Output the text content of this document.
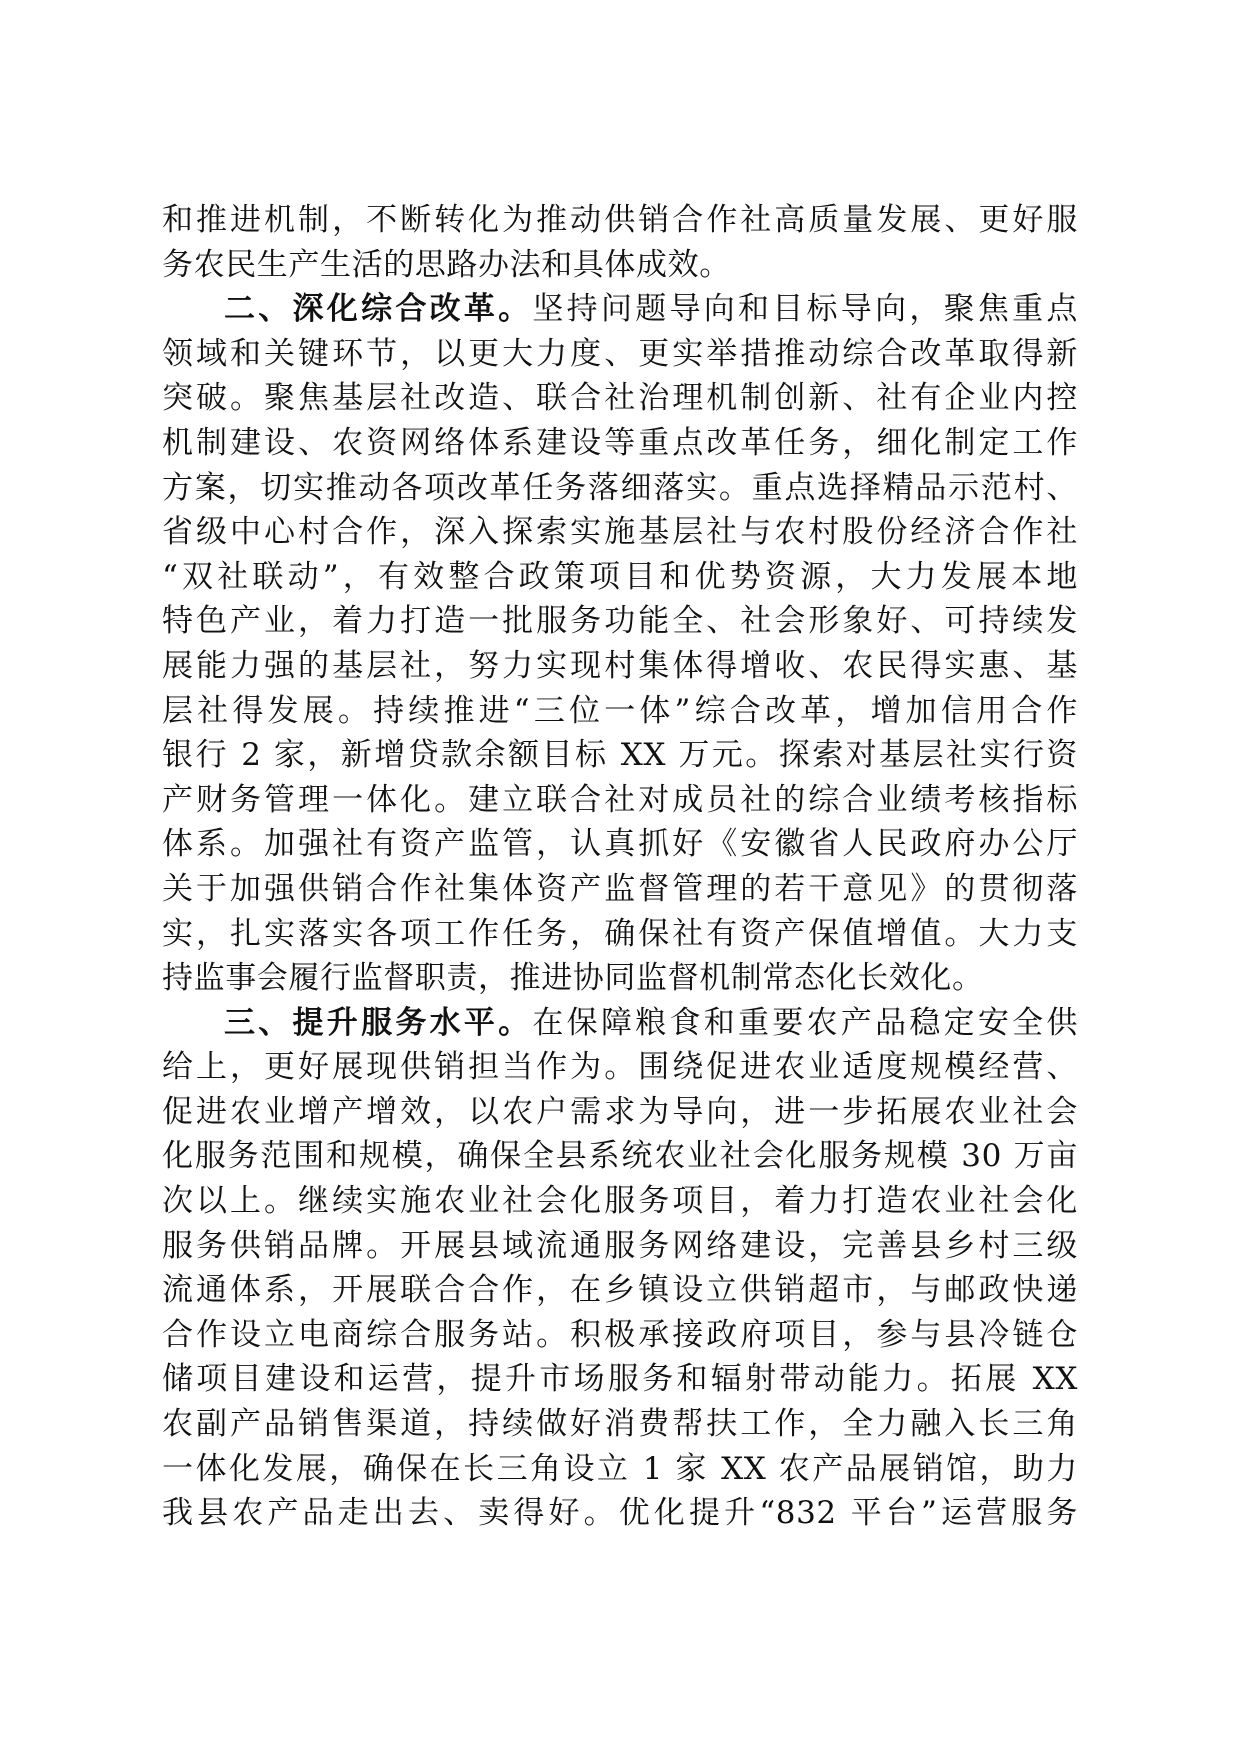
和推进机制，不断转化为推动供销合作社高质量发展、更好服
务农民生产生活的思路办法和具体成效。
二、深化综合改革。坚持问题导向和目标导向，聚焦重点
领域和关键环节，以更大力度、更实举措推动综合改革取得新
突破。聚焦基层社改造、联合社治理机制创新、社有企业内控
机制建设、农资网络体系建设等重点改革任务，细化制定工作
方案，切实推动各项改革任务落细落实。重点选择精品示范村、
省级中心村合作，深入探索实施基层社与农村股份经济合作社
“双社联动”，有效整合政策项目和优势资源，大力发展本地
特色产业，着力打造一批服务功能全、社会形象好、可持续发
展能力强的基层社，努力实现村集体得增收、农民得实惠、基
层社得发展。持续推进“三位一体”综合改革，增加信用合作
银行 2 家，新增贷款余额目标 XX 万元。探索对基层社实行资
产财务管理一体化。建立联合社对成员社的综合业绩考核指标
体系。加强社有资产监管，认真抓好《安徽省人民政府办公厅
关于加强供销合作社集体资产监督管理的若干意见》的贯彻落
实，扎实落实各项工作任务，确保社有资产保值增值。大力支
持监事会履行监督职责，推进协同监督机制常态化长效化。
三、提升服务水平。在保障粮食和重要农产品稳定安全供
给上，更好展现供销担当作为。围绕促进农业适度规模经营、
促进农业增产增效，以农户需求为导向，进一步拓展农业社会
化服务范围和规模，确保全县系统农业社会化服务规模 30 万亩
次以上。继续实施农业社会化服务项目，着力打造农业社会化
服务供销品牌。开展县域流通服务网络建设，完善县乡村三级
流通体系，开展联合合作，在乡镇设立供销超市，与邮政快递
合作设立电商综合服务站。积极承接政府项目，参与县冷链仓
储项目建设和运营，提升市场服务和辐射带动能力。拓展 XX
农副产品销售渠道，持续做好消费帮扶工作，全力融入长三角
一体化发展，确保在长三角设立 1 家 XX 农产品展销馆，助力
我县农产品走出去、卖得好。优化提升“832 平台”运营服务
